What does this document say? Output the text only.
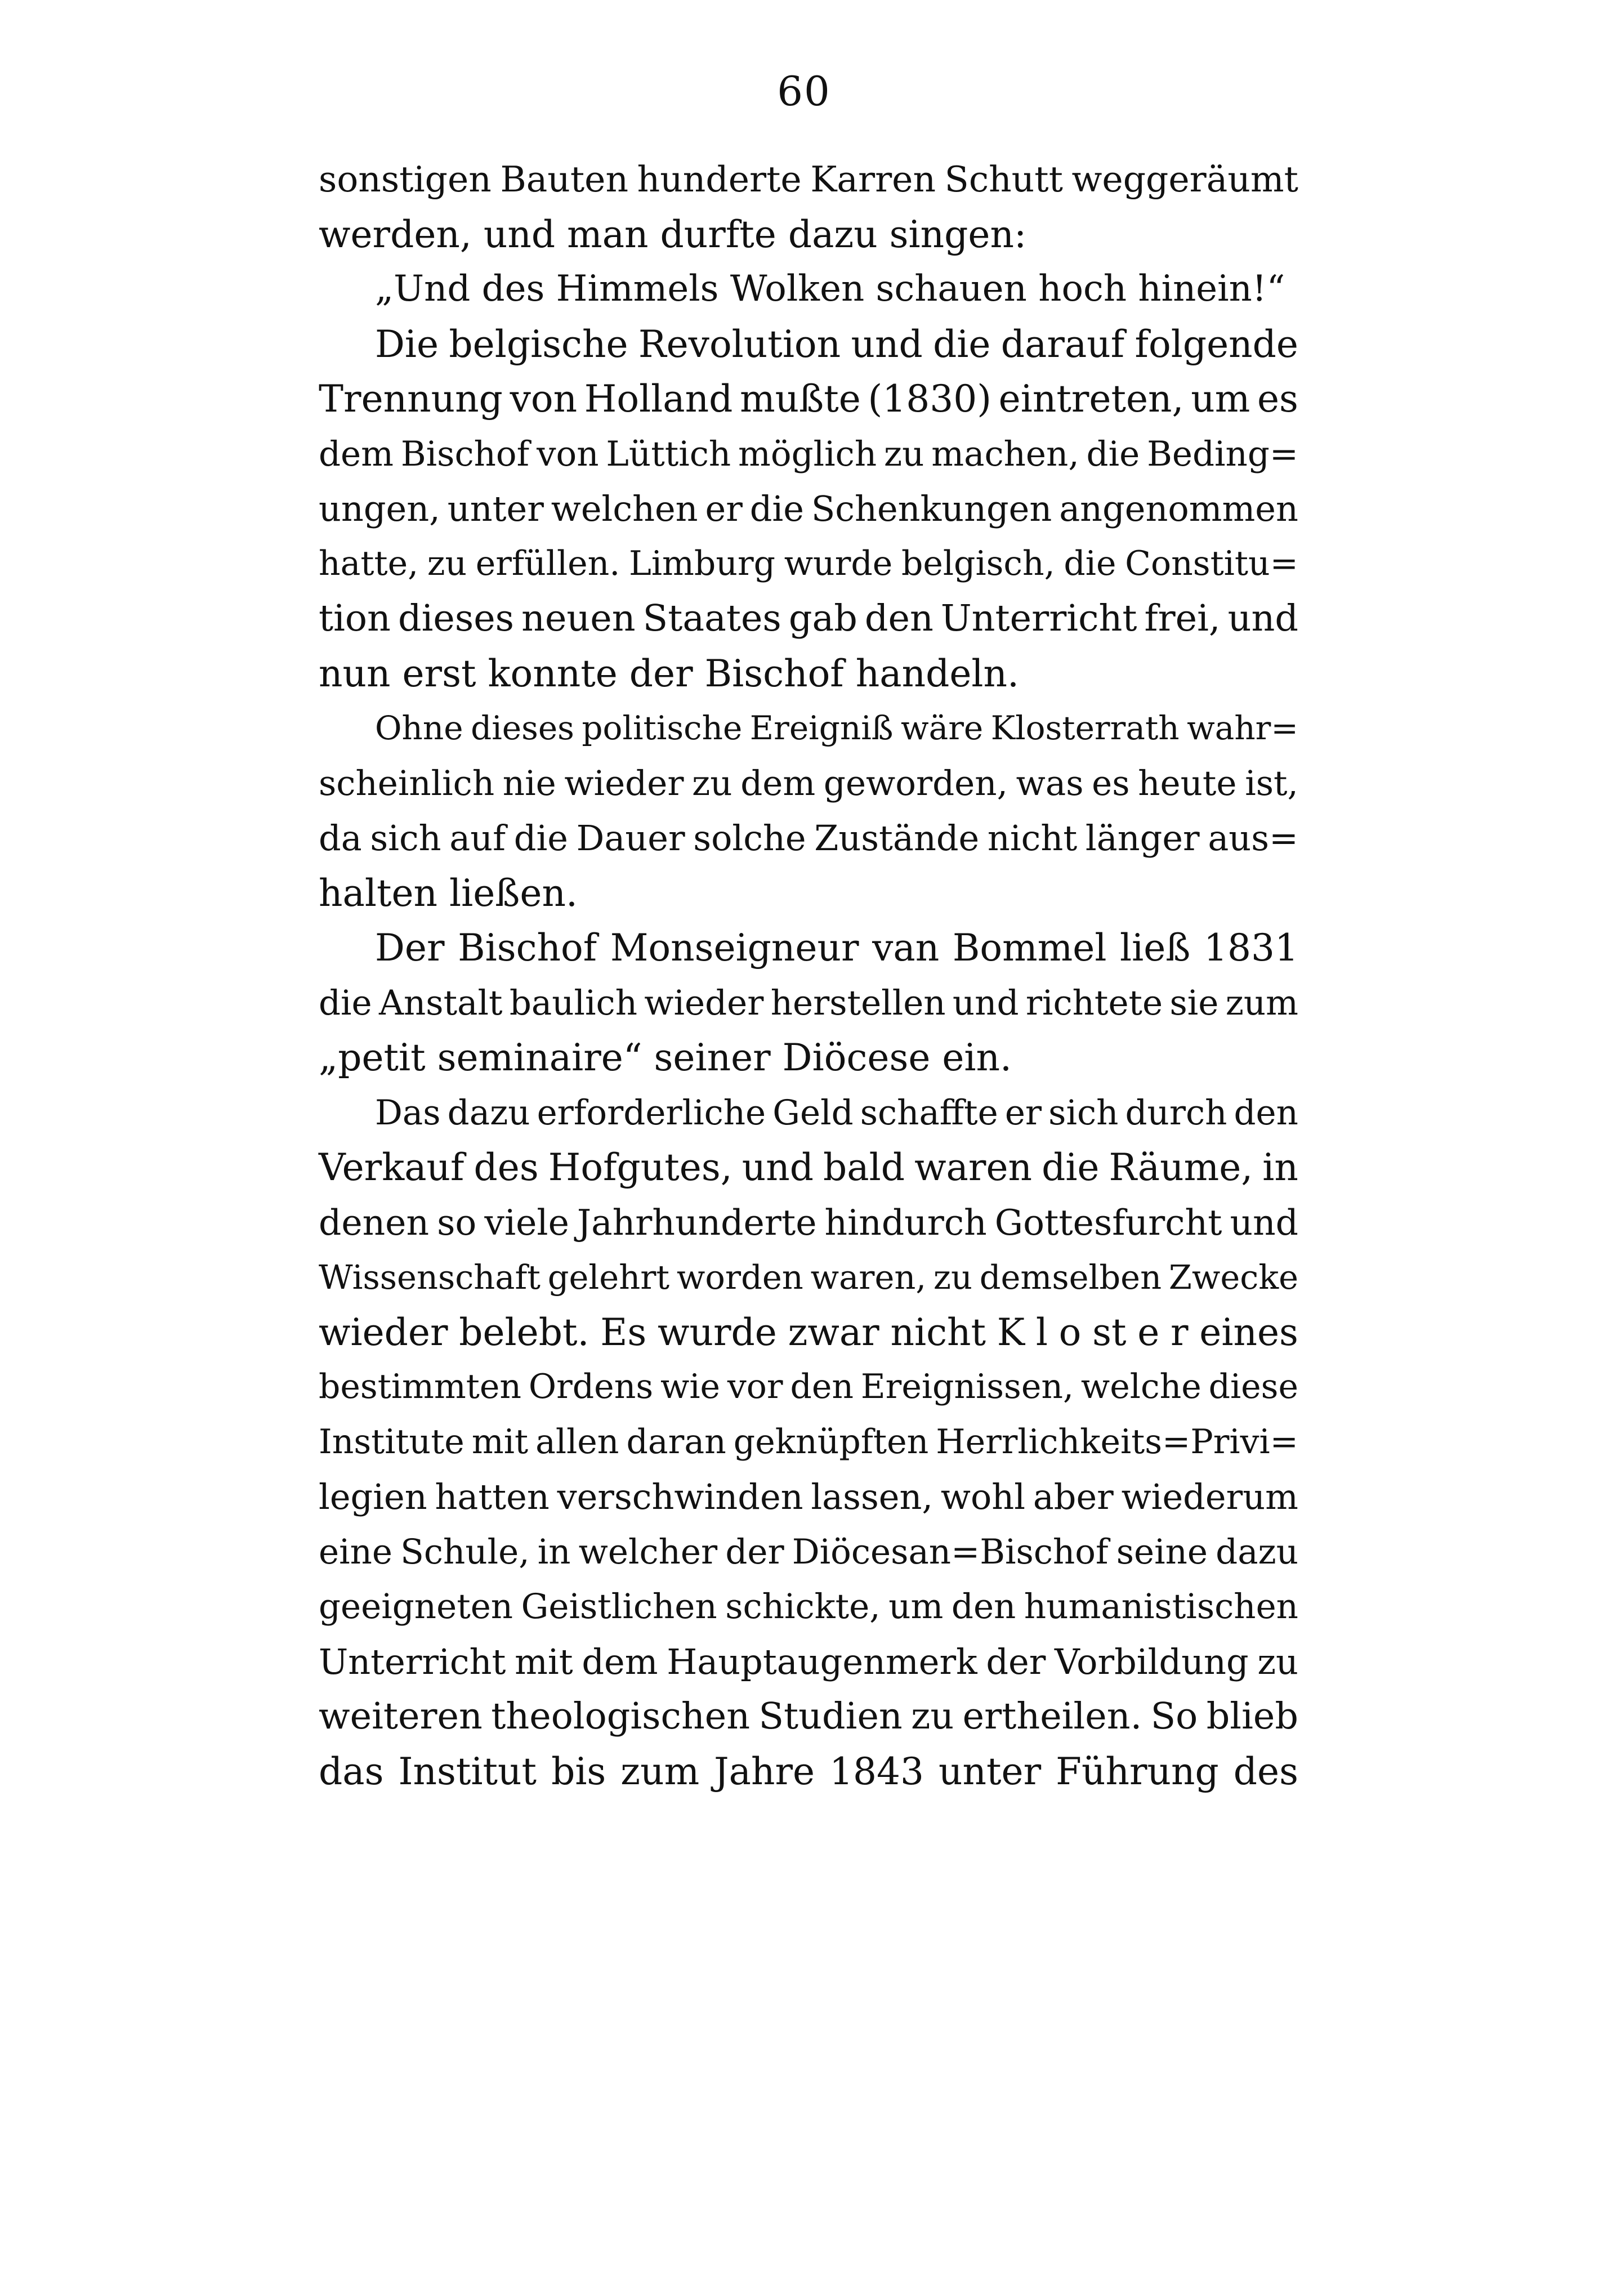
60
sonstigen Bauten hunderte Karren Schutt weggeräumt
werden, und man durfte dazu singen:
„Und des Himmels Wolken schauen hoch hinein!“
Die belgische Revolution und die darauf folgende
Trennung von Holland mußte (1830) eintreten, um es
dem Bischof von Lüttich möglich zu machen, die Beding=
ungen, unter welchen er die Schenkungen angenommen
hatte, zu erfüllen. Limburg wurde belgisch, die Constitu=
tion dieses neuen Staates gab den Unterricht frei, und
nun erst konnte der Bischof handeln.
Ohne dieses politische Ereigniß wäre Klosterrath wahr=
scheinlich nie wieder zu dem geworden, was es heute ist,
da sich auf die Dauer solche Zustände nicht länger aus=
halten ließen.
Der Bischof Monseigneur van Bommel ließ 1831
die Anstalt baulich wieder herstellen und richtete sie zum
„petit seminaire“ seiner Diöcese ein.
Das dazu erforderliche Geld schaffte er sich durch den
Verkauf des Hofgutes, und bald waren die Räume, in
denen so viele Jahrhunderte hindurch Gottesfurcht und
Wissenschaft gelehrt worden waren, zu demselben Zwecke
wieder belebt. Es wurde zwar nicht K l o st e r eines
bestimmten Ordens wie vor den Ereignissen, welche diese
Institute mit allen daran geknüpften Herrlichkeits=Privi=
legien hatten verschwinden lassen, wohl aber wiederum
eine Schule, in welcher der Diöcesan=Bischof seine dazu
geeigneten Geistlichen schickte, um den humanistischen
Unterricht mit dem Hauptaugenmerk der Vorbildung zu
weiteren theologischen Studien zu ertheilen. So blieb
das Institut bis zum Jahre 1843 unter Führung des
